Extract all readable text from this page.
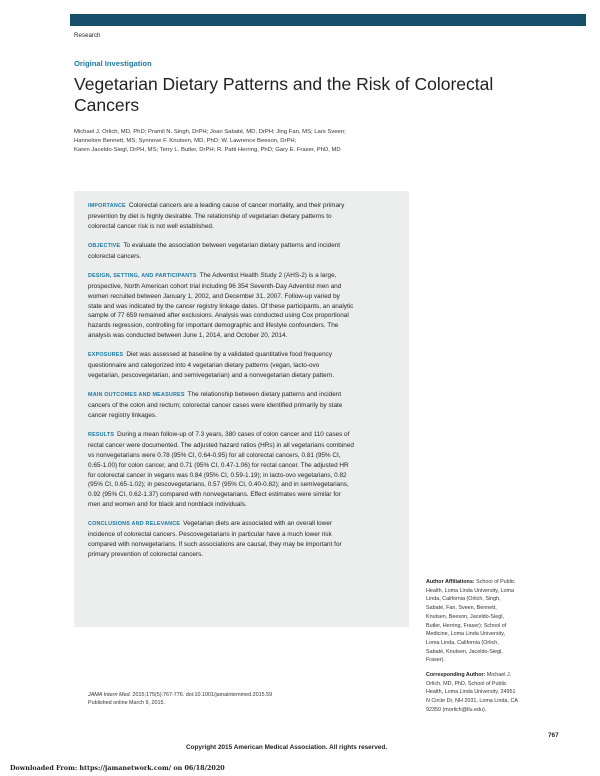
Research
Original Investigation
Vegetarian Dietary Patterns and the Risk of Colorectal Cancers
Michael J. Orlich, MD, PhD; Pramil N. Singh, DrPH; Joan Sabaté, MD, DrPH; Jing Fan, MS; Lars Sveen;
Hannelore Bennett, MS; Synnove F. Knutsen, MD, PhD; W. Lawrence Beeson, DrPH;
Karen Jaceldo-Siegl, DrPH, MS; Terry L. Butler, DrPH; R. Patti Herring, PhD; Gary E. Fraser, PhD, MD
IMPORTANCE Colorectal cancers are a leading cause of cancer mortality, and their primary
prevention by diet is highly desirable. The relationship of vegetarian dietary patterns to
colorectal cancer risk is not well established.
OBJECTIVE To evaluate the association between vegetarian dietary patterns and incident
colorectal cancers.
DESIGN, SETTING, AND PARTICIPANTS The Adventist Health Study 2 (AHS-2) is a large,
prospective, North American cohort trial including 96 354 Seventh-Day Adventist men and
women recruited between January 1, 2002, and December 31, 2007. Follow-up varied by
state and was indicated by the cancer registry linkage dates. Of these participants, an analytic
sample of 77 659 remained after exclusions. Analysis was conducted using Cox proportional
hazards regression, controlling for important demographic and lifestyle confounders. The
analysis was conducted between June 1, 2014, and October 20, 2014.
EXPOSURES Diet was assessed at baseline by a validated quantitative food frequency
questionnaire and categorized into 4 vegetarian dietary patterns (vegan, lacto-ovo
vegetarian, pescovegetarian, and semivegetarian) and a nonvegetarian dietary pattern.
MAIN OUTCOMES AND MEASURES The relationship between dietary patterns and incident
cancers of the colon and rectum; colorectal cancer cases were identified primarily by state
cancer registry linkages.
RESULTS During a mean follow-up of 7.3 years, 380 cases of colon cancer and 110 cases of
rectal cancer were documented. The adjusted hazard ratios (HRs) in all vegetarians combined
vs nonvegetarians were 0.78 (95% CI, 0.64-0.95) for all colorectal cancers, 0.81 (95% CI,
0.65-1.00) for colon cancer, and 0.71 (95% CI, 0.47-1.06) for rectal cancer. The adjusted HR
for colorectal cancer in vegans was 0.84 (95% CI, 0.59-1.19); in lacto-ovo vegetarians, 0.82
(95% CI, 0.65-1.02); in pescovegetarians, 0.57 (95% CI, 0.40-0.82); and in semivegetarians,
0.92 (95% CI, 0.62-1.37) compared with nonvegetarians. Effect estimates were similar for
men and women and for black and nonblack individuals.
CONCLUSIONS AND RELEVANCE Vegetarian diets are associated with an overall lower
incidence of colorectal cancers. Pescovegetarians in particular have a much lower risk
compared with nonvegetarians. If such associations are causal, they may be important for
primary prevention of colorectal cancers.

Author Affiliations: School of Public
Health, Loma Linda University, Loma
Linda, California (Orlich, Singh,
Sabaté, Fan, Sveen, Bennett,
Knutsen, Beeson, Jaceldo-Siegl,
Butler, Herring, Fraser); School of
Medicine, Loma Linda University,
Loma Linda, California (Orlich,
Sabaté, Knutsen, Jaceldo-Siegl,
Fraser).

Corresponding Author: Michael J.
Orlich, MD, PhD, School of Public
Health, Loma Linda University, 24951
N Circle Dr, NH 2031, Loma Linda, CA
92350 (morlich@llu.edu).

JAMA Intern Med. 2015;175(5):767-776. doi:10.1001/jamainternmed.2015.59
Published online March 9, 2015.
767
Copyright 2015 American Medical Association. All rights reserved.
Downloaded From: https://jamanetwork.com/ on 06/18/2020
